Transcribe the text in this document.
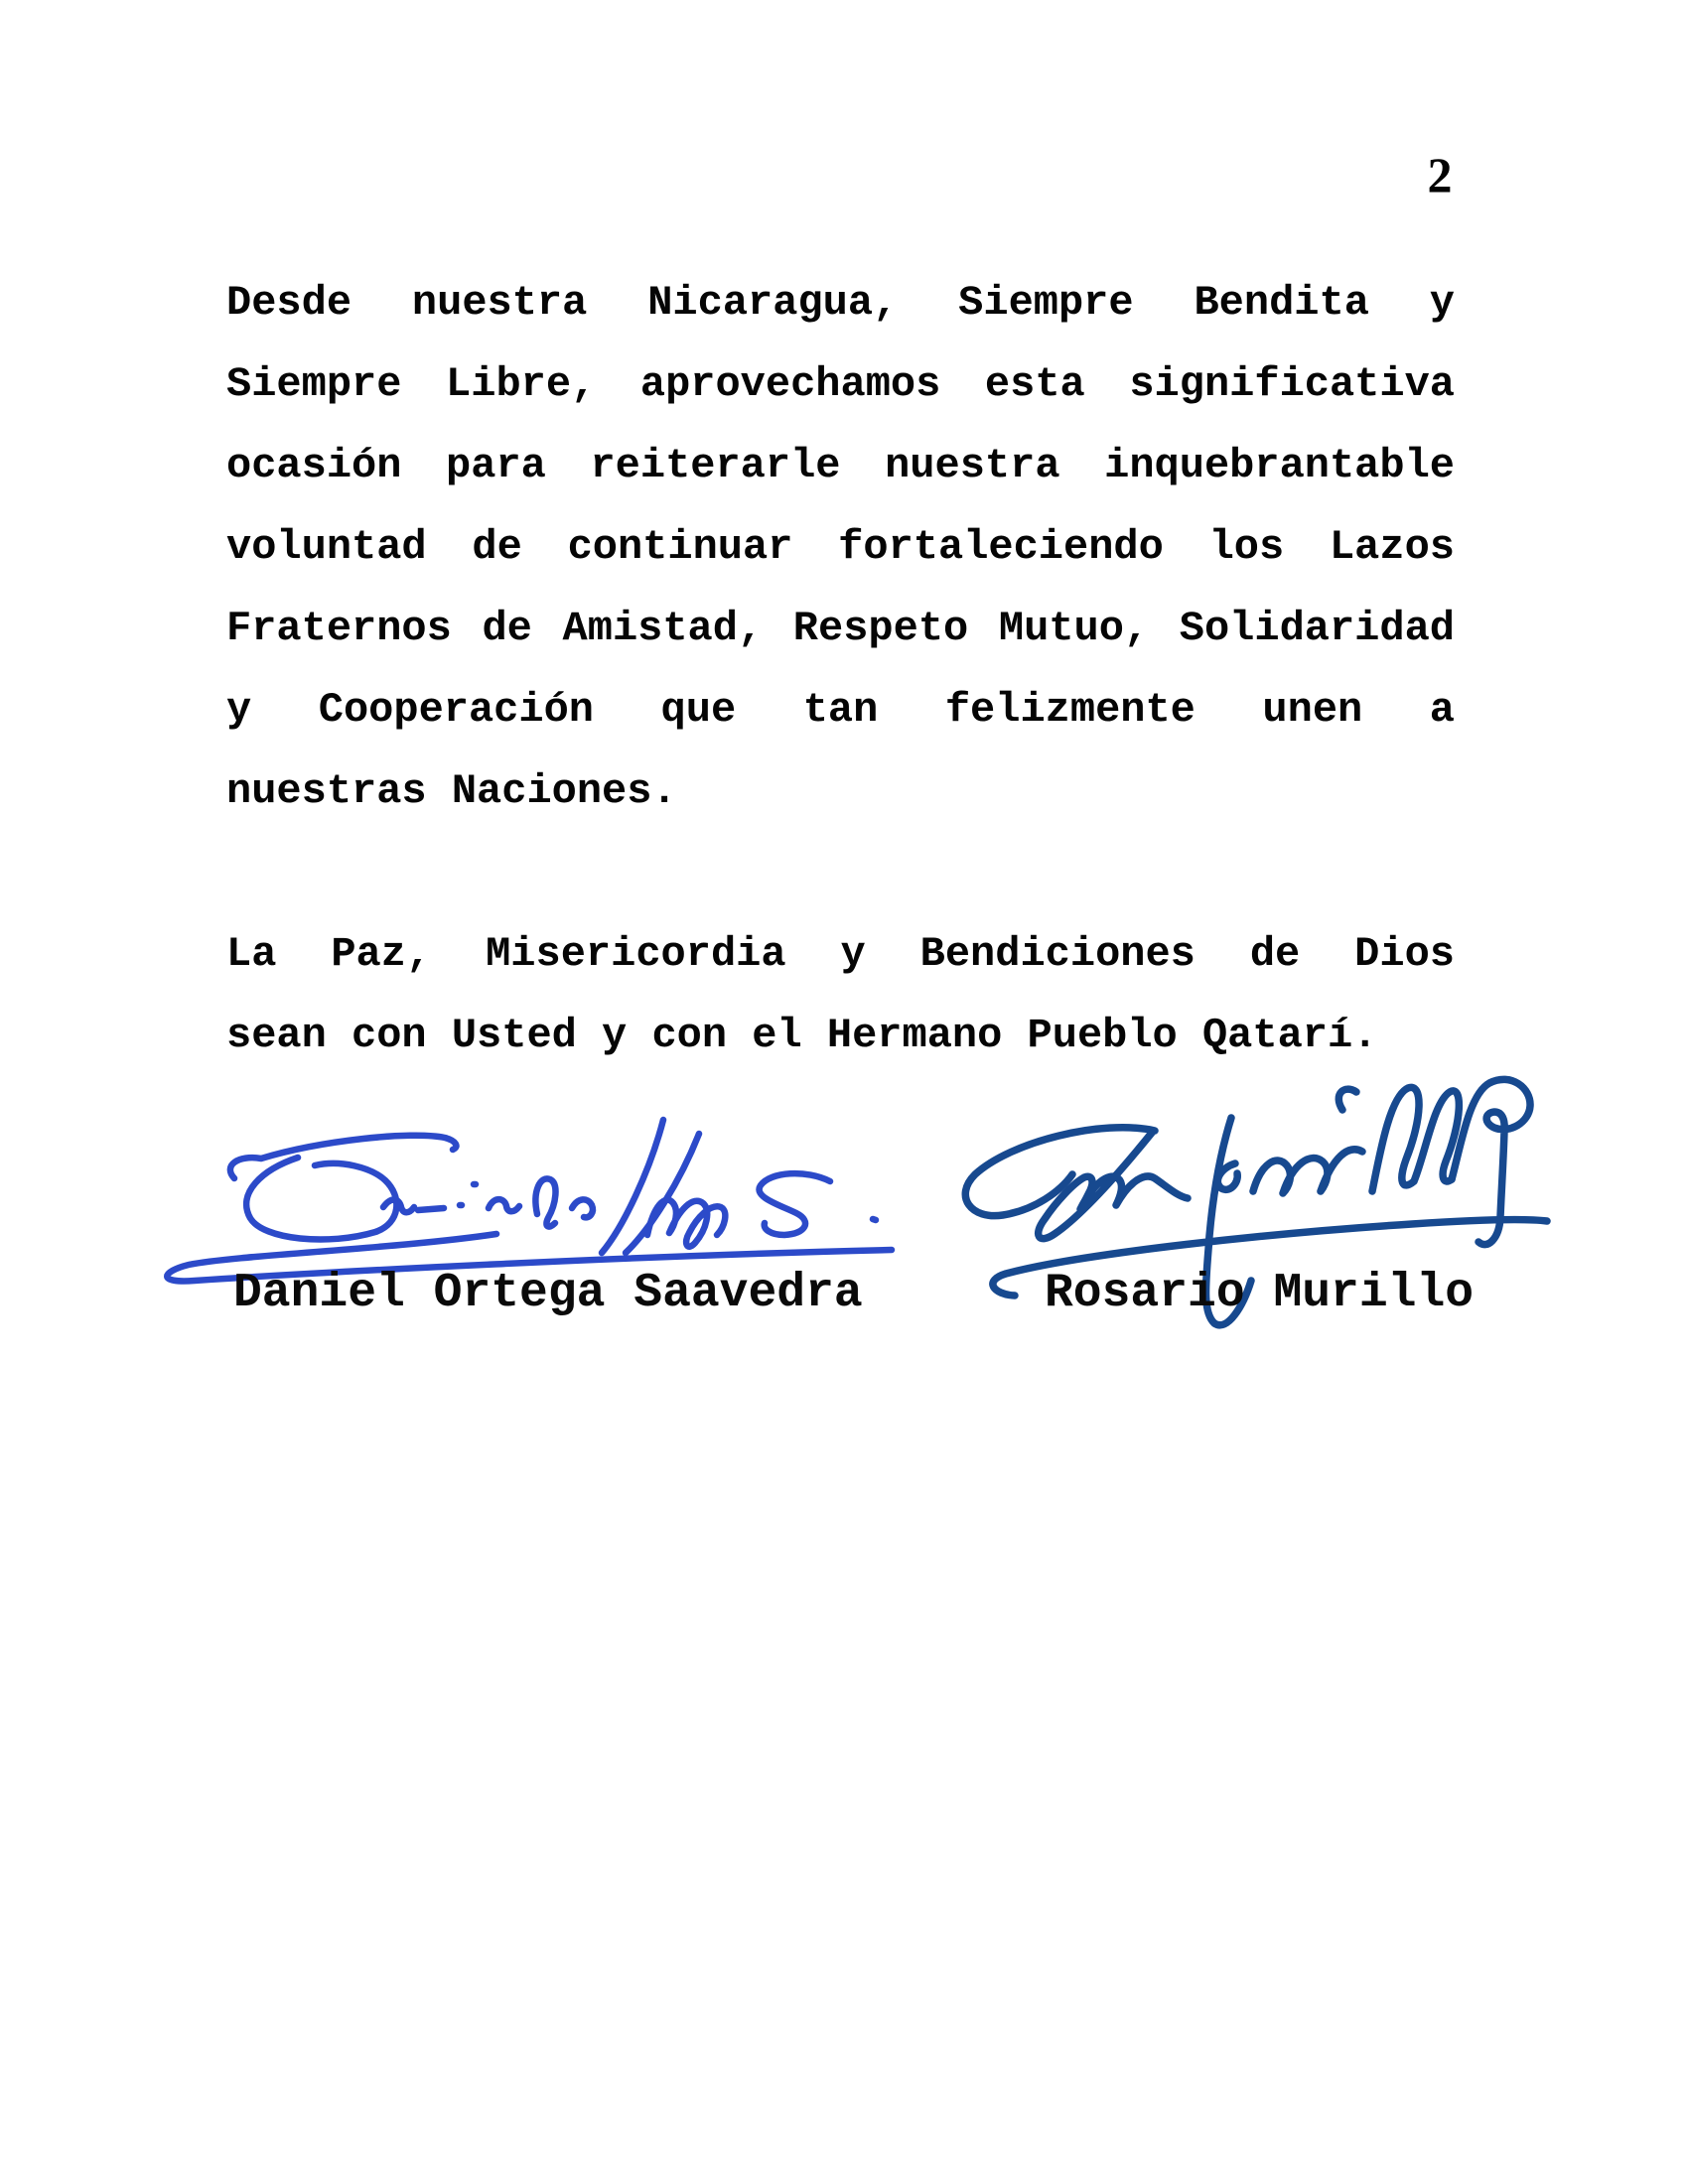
2
Desde nuestra Nicaragua, Siempre Bendita y
Siempre Libre, aprovechamos esta significativa
ocasión para reiterarle nuestra inquebrantable
voluntad de continuar fortaleciendo los Lazos
Fraternos de Amistad, Respeto Mutuo, Solidaridad
y Cooperación que tan felizmente unen a
nuestras Naciones.
La Paz, Misericordia y Bendiciones de Dios
sean con Usted y con el Hermano Pueblo Qatarí.
Daniel Ortega Saavedra	Rosario Murillo
